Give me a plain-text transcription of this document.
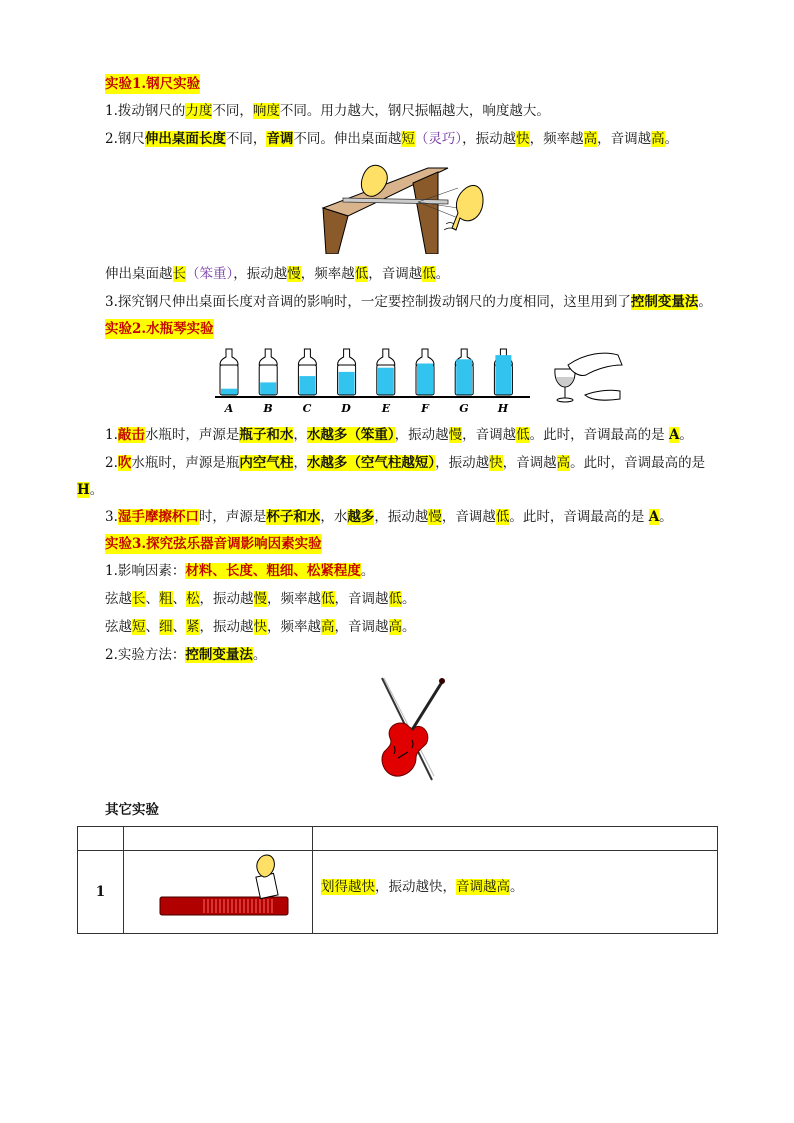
实验1.钢尺实验
1.拨动钢尺的力度不同，响度不同。用力越大，钢尺振幅越大，响度越大。
2.钢尺伸出桌面长度不同，音调不同。伸出桌面越短（灵巧），振动越快，频率越高，音调越高。
伸出桌面越长（笨重），振动越慢，频率越低，音调越低。
3.探究钢尺伸出桌面长度对音调的影响时，一定要控制拨动钢尺的力度相同，这里用到了控制变量法。
实验2.水瓶琴实验
A	B	C	D	E	F	G	H
1.敲击水瓶时，声源是瓶子和水，水越多（笨重），振动越慢，音调越低。此时，音调最高的是 A。
2.吹水瓶时，声源是瓶内空气柱，水越多（空气柱越短），振动越快，音调越高。此时，音调最高的是
H。
3.湿手摩擦杯口时，声源是杯子和水，水越多，振动越慢，音调越低。此时，音调最高的是 A。
实验3.探究弦乐器音调影响因素实验
1.影响因素：材料、长度、粗细、松紧程度。
弦越长、粗、松，振动越慢，频率越低，音调越低。
弦越短、细、紧，振动越快，频率越高，音调越高。
2.实验方法：控制变量法。
其它实验

1		划得越快，振动越快，音调越高。
